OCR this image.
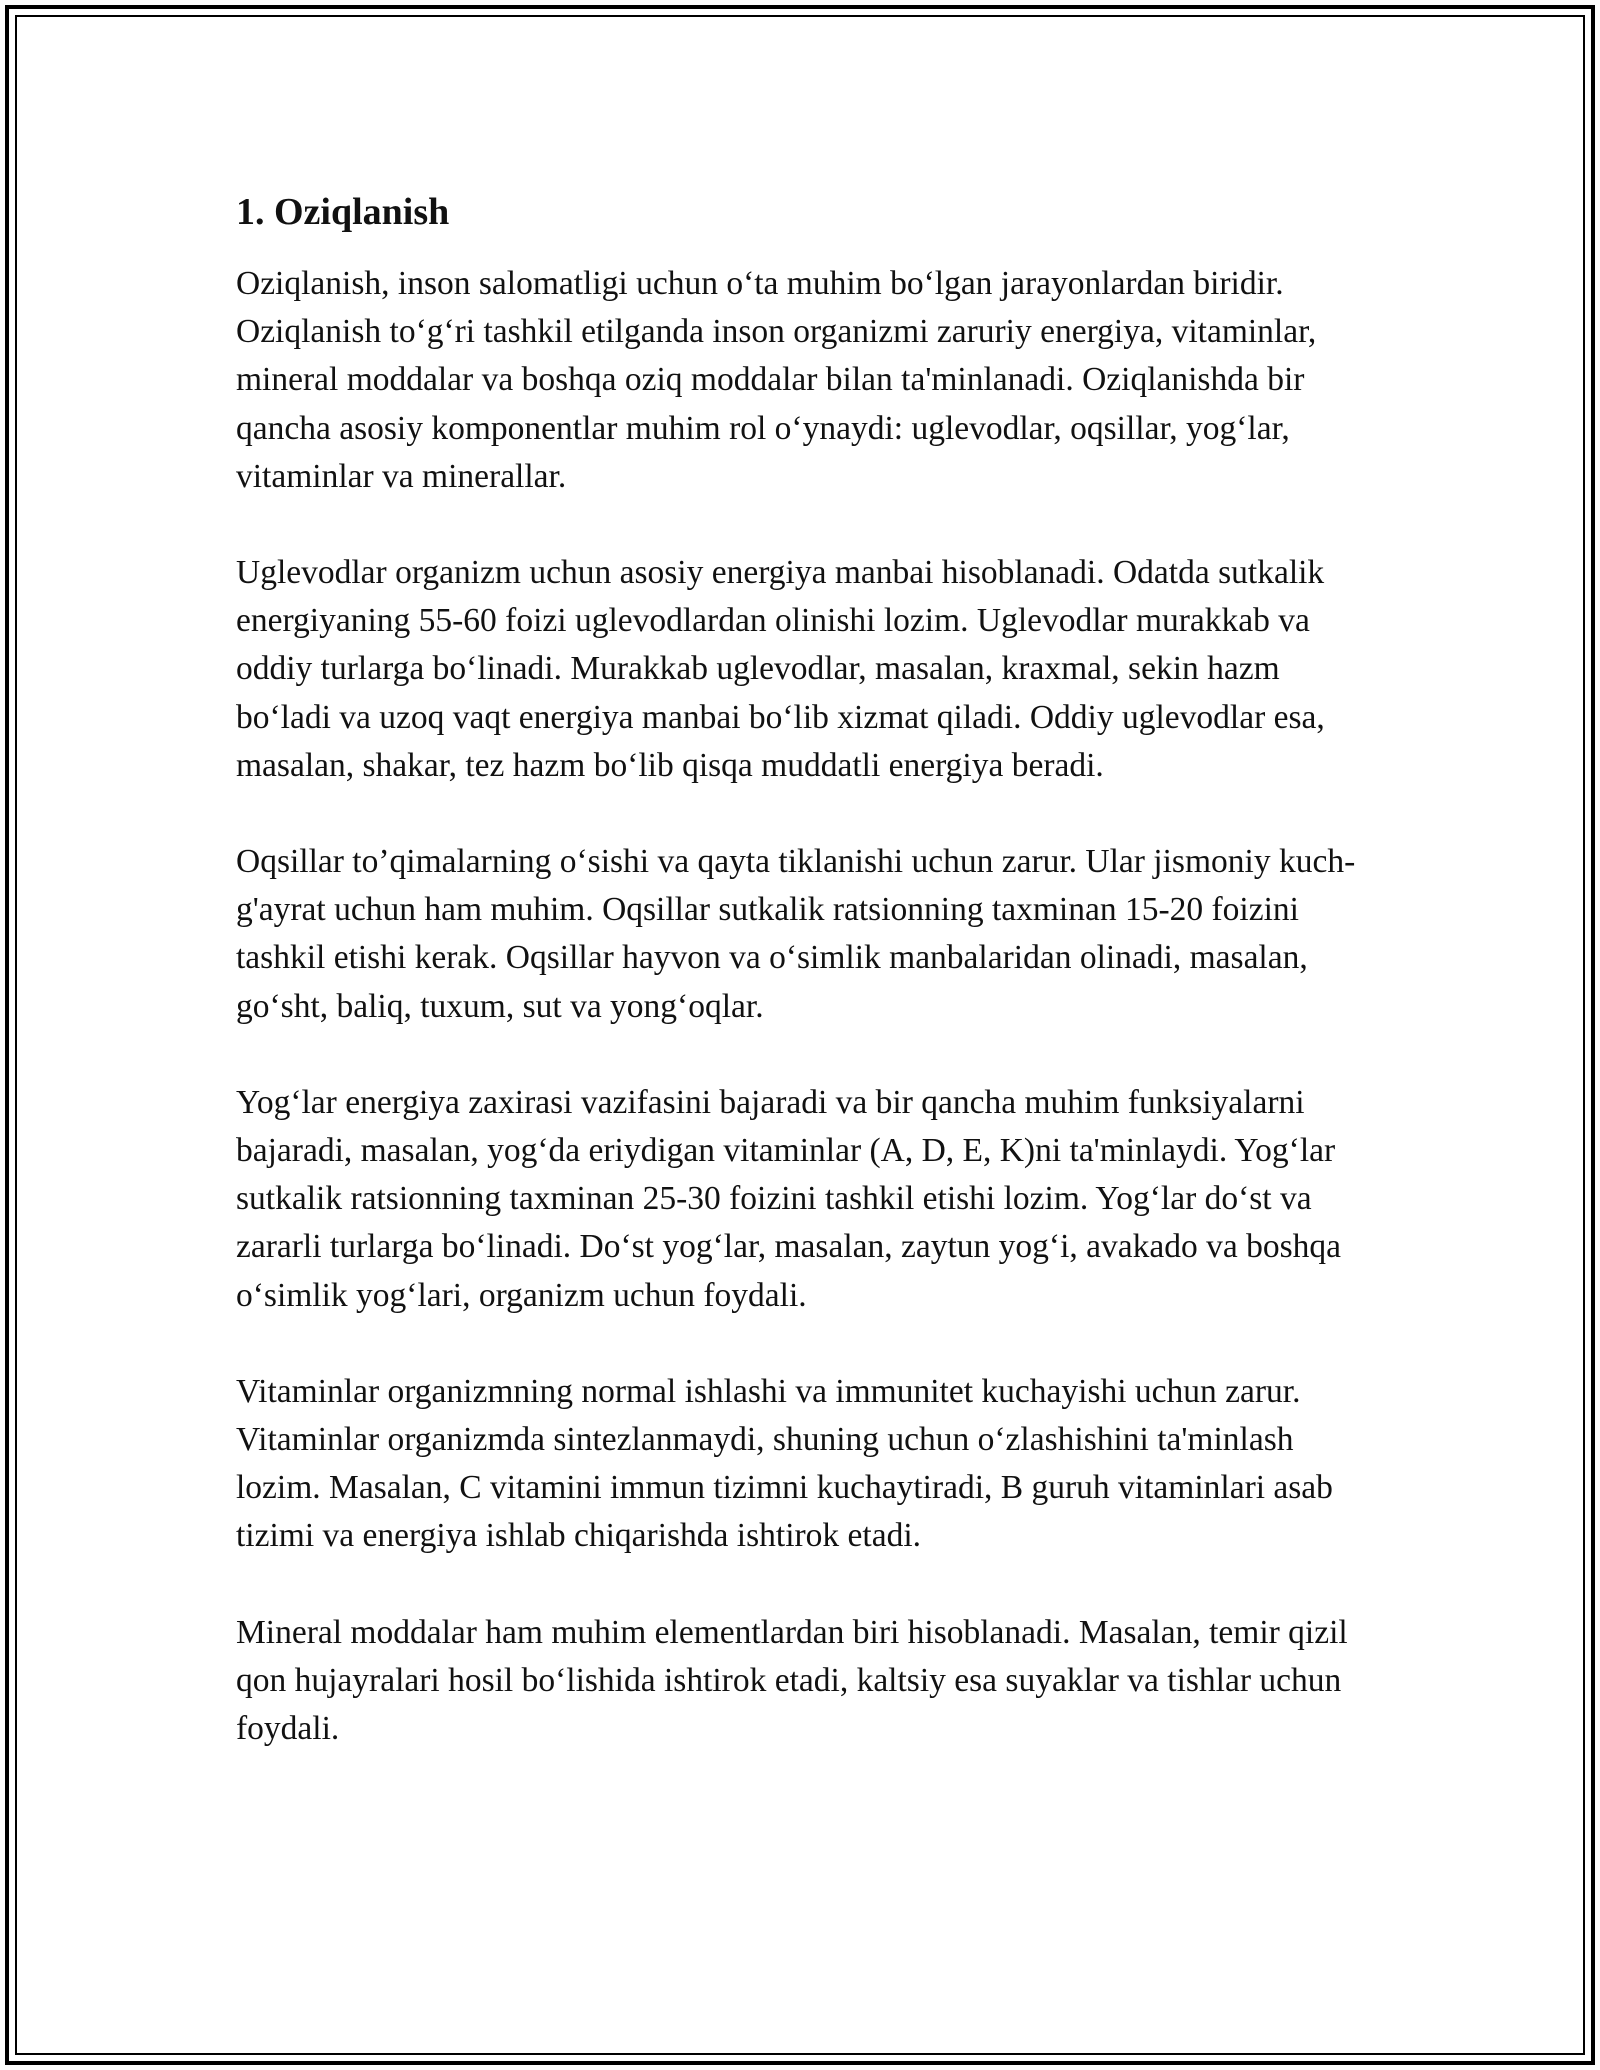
1. Oziqlanish

Oziqlanish, inson salomatligi uchun o‘ta muhim bo‘lgan jarayonlardan biridir. Oziqlanish to‘g‘ri tashkil etilganda inson organizmi zaruriy energiya, vitaminlar, mineral moddalar va boshqa oziq moddalar bilan ta'minlanadi. Oziqlanishda bir qancha asosiy komponentlar muhim rol o‘ynaydi: uglevodlar, oqsillar, yog‘lar, vitaminlar va minerallar.

Uglevodlar organizm uchun asosiy energiya manbai hisoblanadi. Odatda sutkalik energiyaning 55-60 foizi uglevodlardan olinishi lozim. Uglevodlar murakkab va oddiy turlarga bo‘linadi. Murakkab uglevodlar, masalan, kraxmal, sekin hazm bo‘ladi va uzoq vaqt energiya manbai bo‘lib xizmat qiladi. Oddiy uglevodlar esa, masalan, shakar, tez hazm bo‘lib qisqa muddatli energiya beradi.

Oqsillar to’qimalarning o‘sishi va qayta tiklanishi uchun zarur. Ular jismoniy kuch-g'ayrat uchun ham muhim. Oqsillar sutkalik ratsionning taxminan 15-20 foizini tashkil etishi kerak. Oqsillar hayvon va o‘simlik manbalaridan olinadi, masalan, go‘sht, baliq, tuxum, sut va yong‘oqlar.

Yog‘lar energiya zaxirasi vazifasini bajaradi va bir qancha muhim funksiyalarni bajaradi, masalan, yog‘da eriydigan vitaminlar (A, D, E, K)ni ta'minlaydi. Yog‘lar sutkalik ratsionning taxminan 25-30 foizini tashkil etishi lozim. Yog‘lar do‘st va zararli turlarga bo‘linadi. Do‘st yog‘lar, masalan, zaytun yog‘i, avakado va boshqa o‘simlik yog‘lari, organizm uchun foydali.

Vitaminlar organizmning normal ishlashi va immunitet kuchayishi uchun zarur. Vitaminlar organizmda sintezlanmaydi, shuning uchun o‘zlashishini ta'minlash lozim. Masalan, C vitamini immun tizimni kuchaytiradi, B guruh vitaminlari asab tizimi va energiya ishlab chiqarishda ishtirok etadi.

Mineral moddalar ham muhim elementlardan biri hisoblanadi. Masalan, temir qizil qon hujayralari hosil bo‘lishida ishtirok etadi, kaltsiy esa suyaklar va tishlar uchun foydali.
